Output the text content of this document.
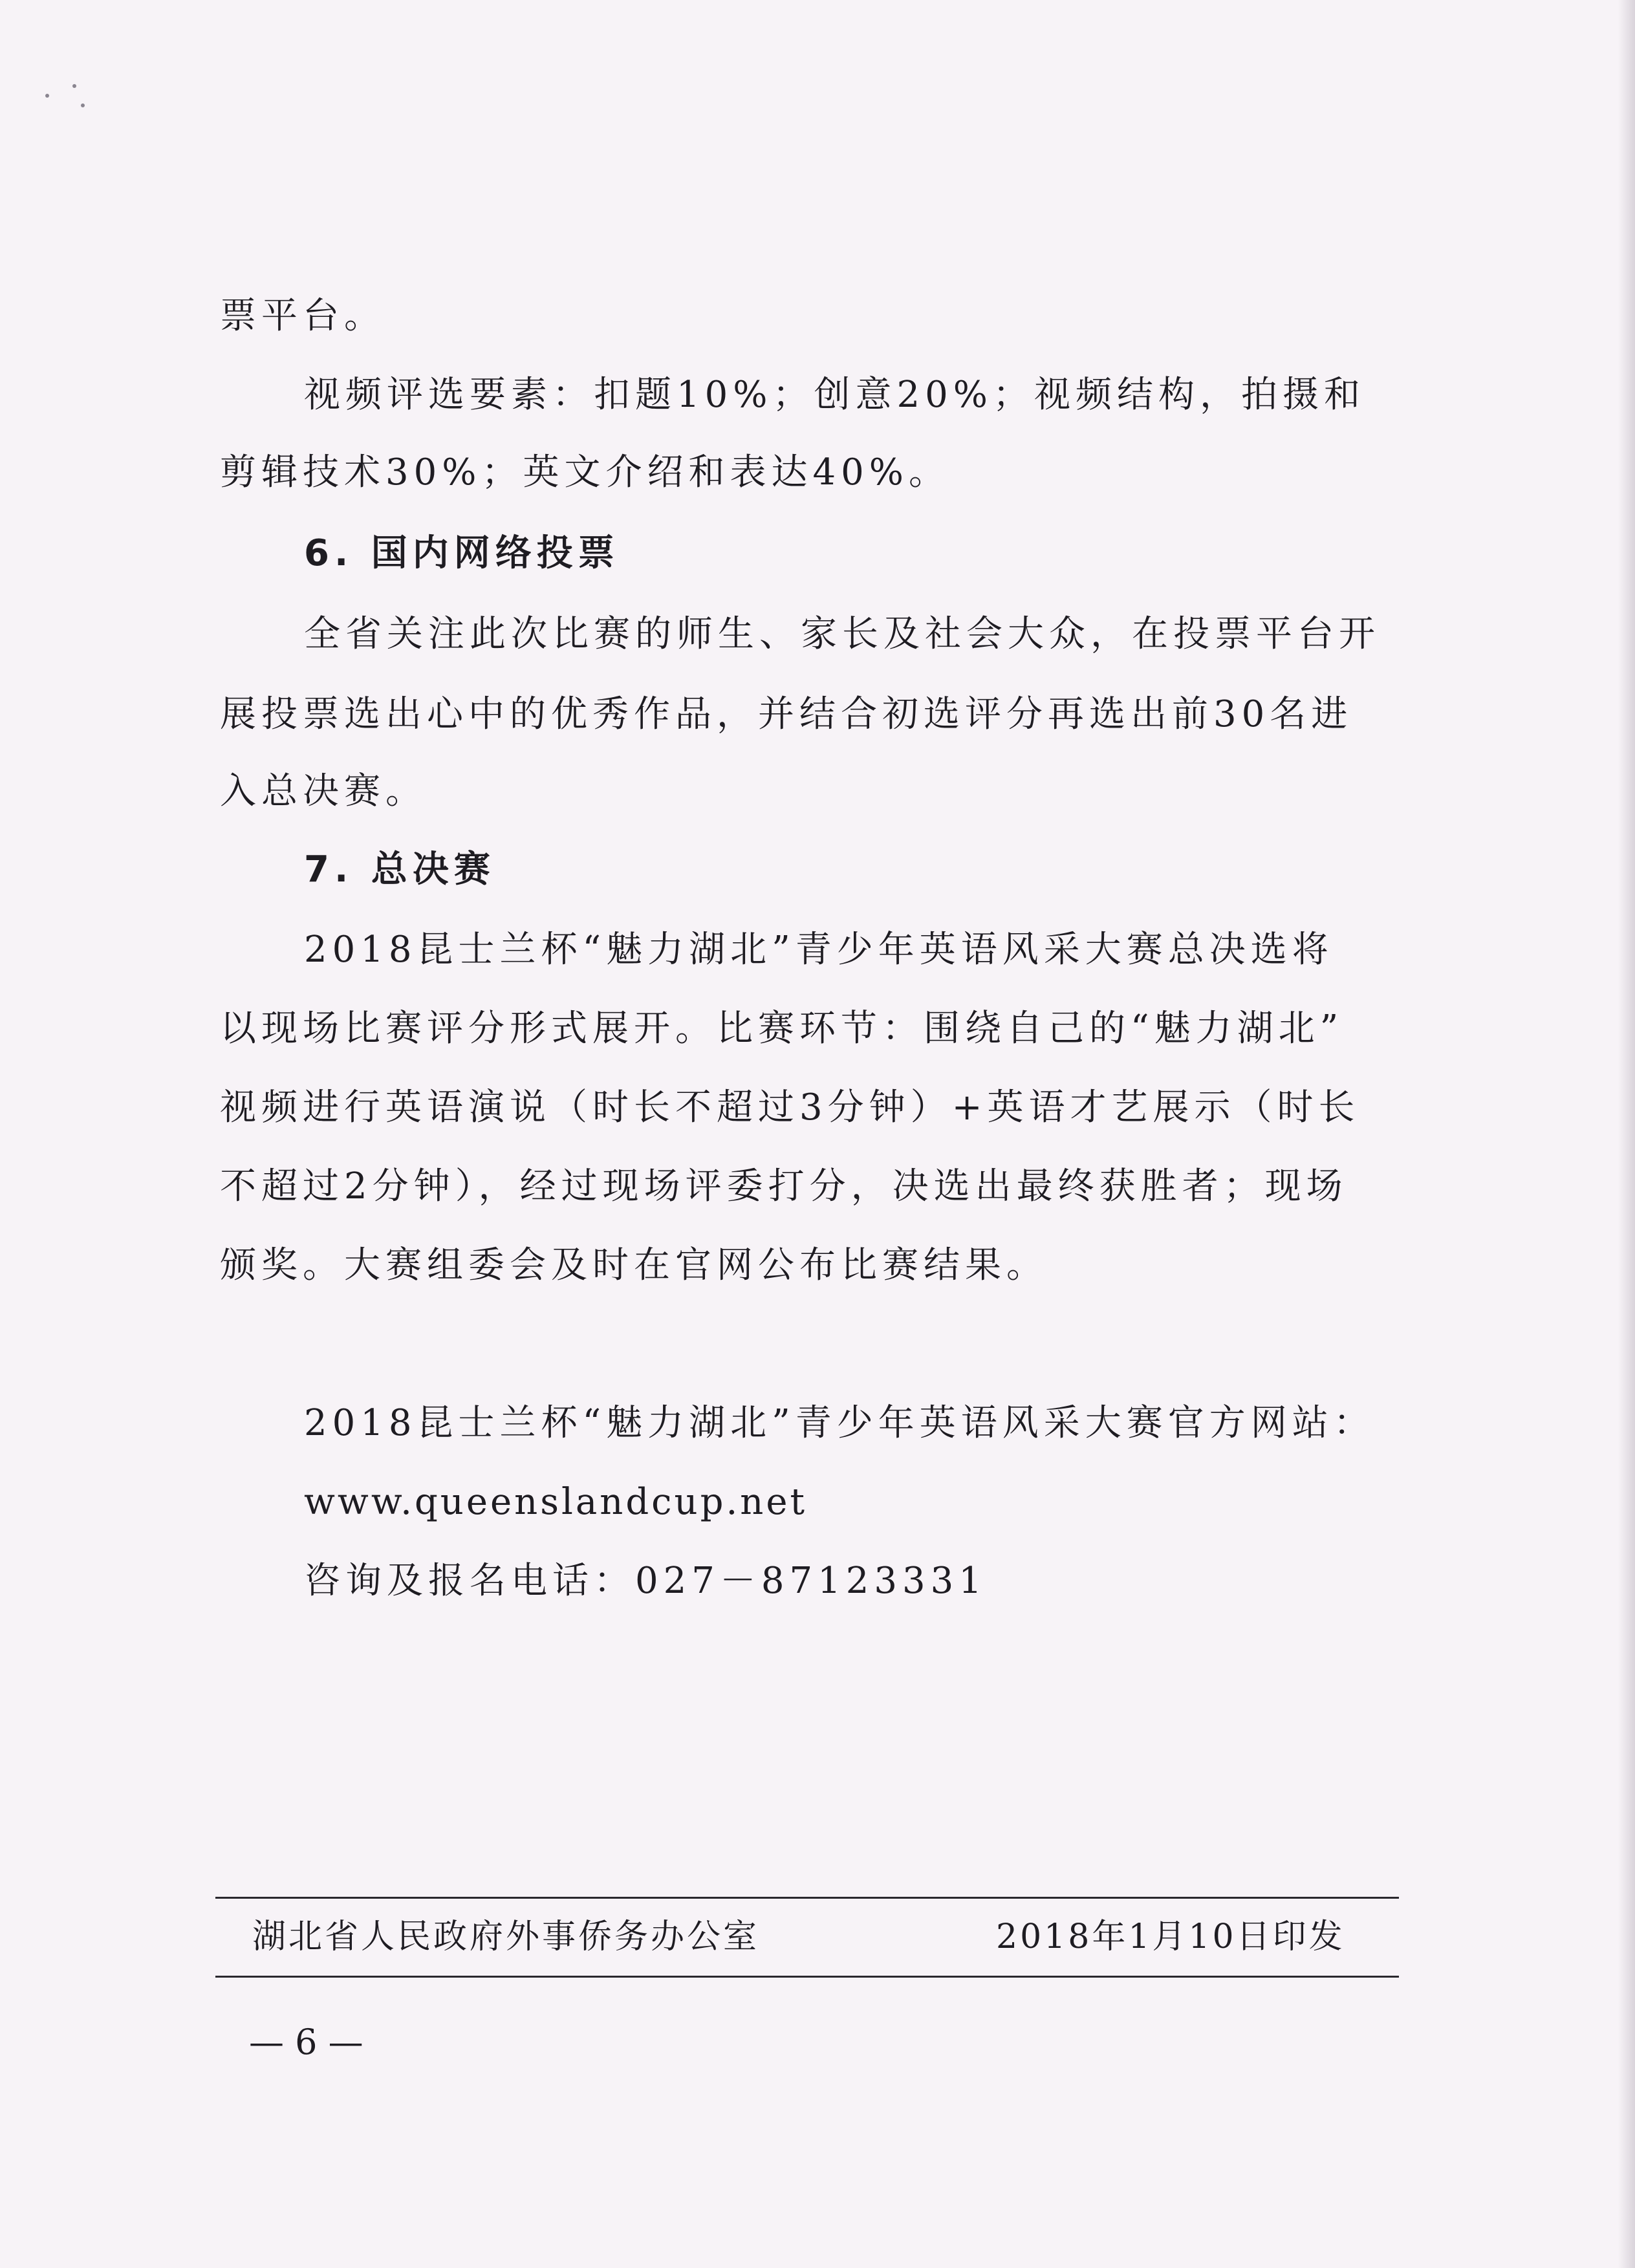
票平台。
视频评选要素：扣题10%；创意20%；视频结构，拍摄和
剪辑技术30%；英文介绍和表达40%。
6. 国内网络投票
全省关注此次比赛的师生、家长及社会大众，在投票平台开
展投票选出心中的优秀作品，并结合初选评分再选出前30名进
入总决赛。
7. 总决赛
2018昆士兰杯“魅力湖北”青少年英语风采大赛总决选将
以现场比赛评分形式展开。比赛环节：围绕自己的“魅力湖北”
视频进行英语演说（时长不超过3分钟）+英语才艺展示（时长
不超过2分钟），经过现场评委打分，决选出最终获胜者；现场
颁奖。大赛组委会及时在官网公布比赛结果。
2018昆士兰杯“魅力湖北”青少年英语风采大赛官方网站：
www.queenslandcup.net
咨询及报名电话：027－87123331
湖北省人民政府外事侨务办公室	2018年1月10日印发
— 6 —
